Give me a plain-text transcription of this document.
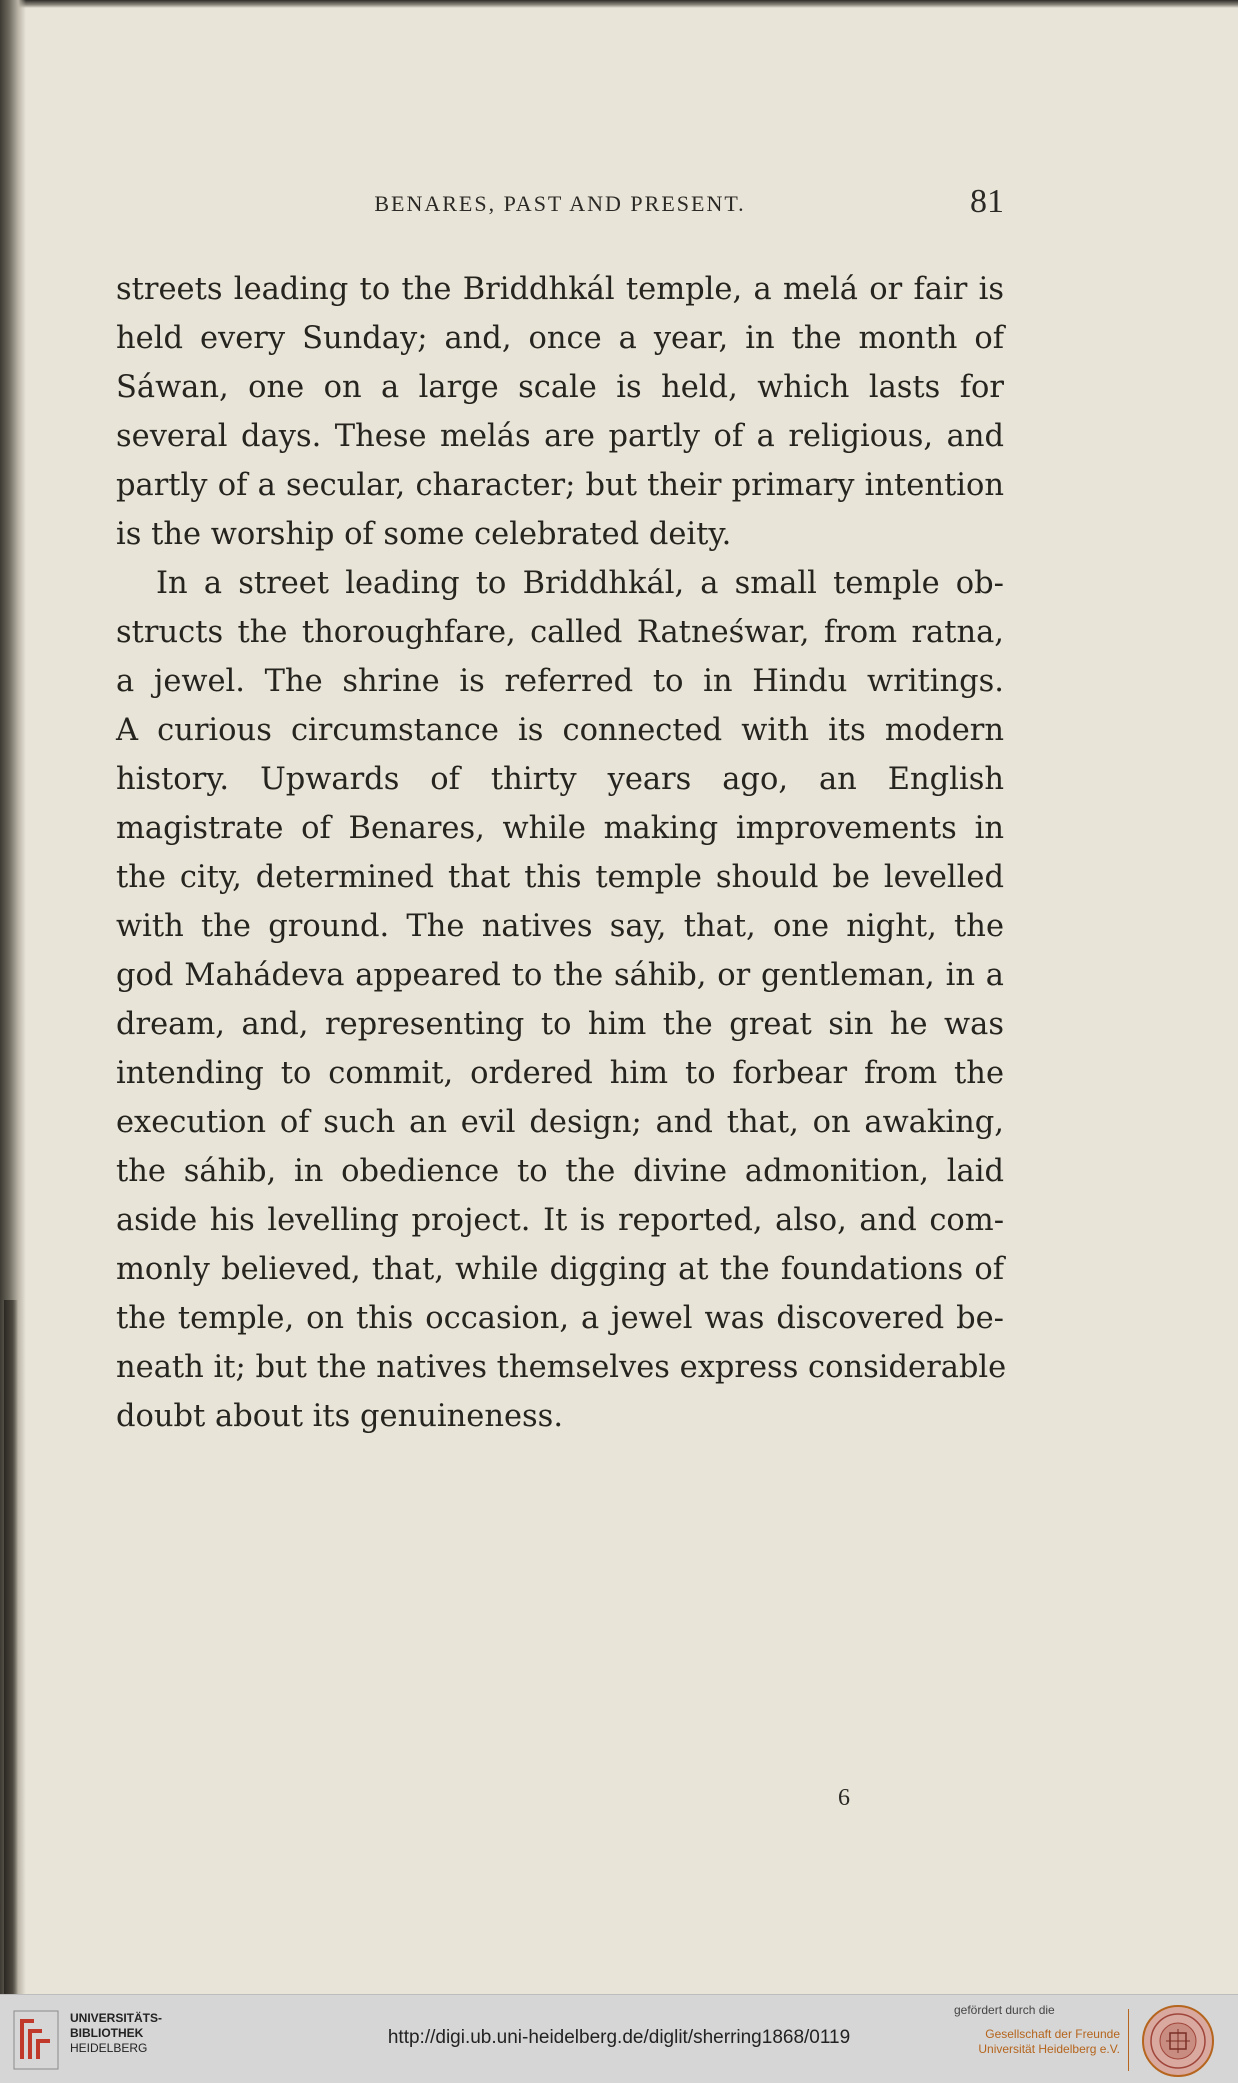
BENARES, PAST AND PRESENT.	81
streets leading to the Briddhkál temple, a melá or fair is
held every Sunday; and, once a year, in the month of
Sáwan, one on a large scale is held, which lasts for
several days. These melás are partly of a religious, and
partly of a secular, character; but their primary intention
is the worship of some celebrated deity.
In a street leading to Briddhkál, a small temple ob-
structs the thoroughfare, called Ratneśwar, from ratna,
a jewel. The shrine is referred to in Hindu writings.
A curious circumstance is connected with its modern
history. Upwards of thirty years ago, an English
magistrate of Benares, while making improvements in
the city, determined that this temple should be levelled
with the ground. The natives say, that, one night, the
god Mahádeva appeared to the sáhib, or gentleman, in a
dream, and, representing to him the great sin he was
intending to commit, ordered him to forbear from the
execution of such an evil design; and that, on awaking,
the sáhib, in obedience to the divine admonition, laid
aside his levelling project. It is reported, also, and com-
monly believed, that, while digging at the foundations of
the temple, on this occasion, a jewel was discovered be-
neath it; but the natives themselves express considerable
doubt about its genuineness.
6
UNIVERSITÄTS-
BIBLIOTHEK
HEIDELBERG	http://digi.ub.uni-heidelberg.de/diglit/sherring1868/0119
gefördert durch die
Gesellschaft der Freunde
Universität Heidelberg e.V.
